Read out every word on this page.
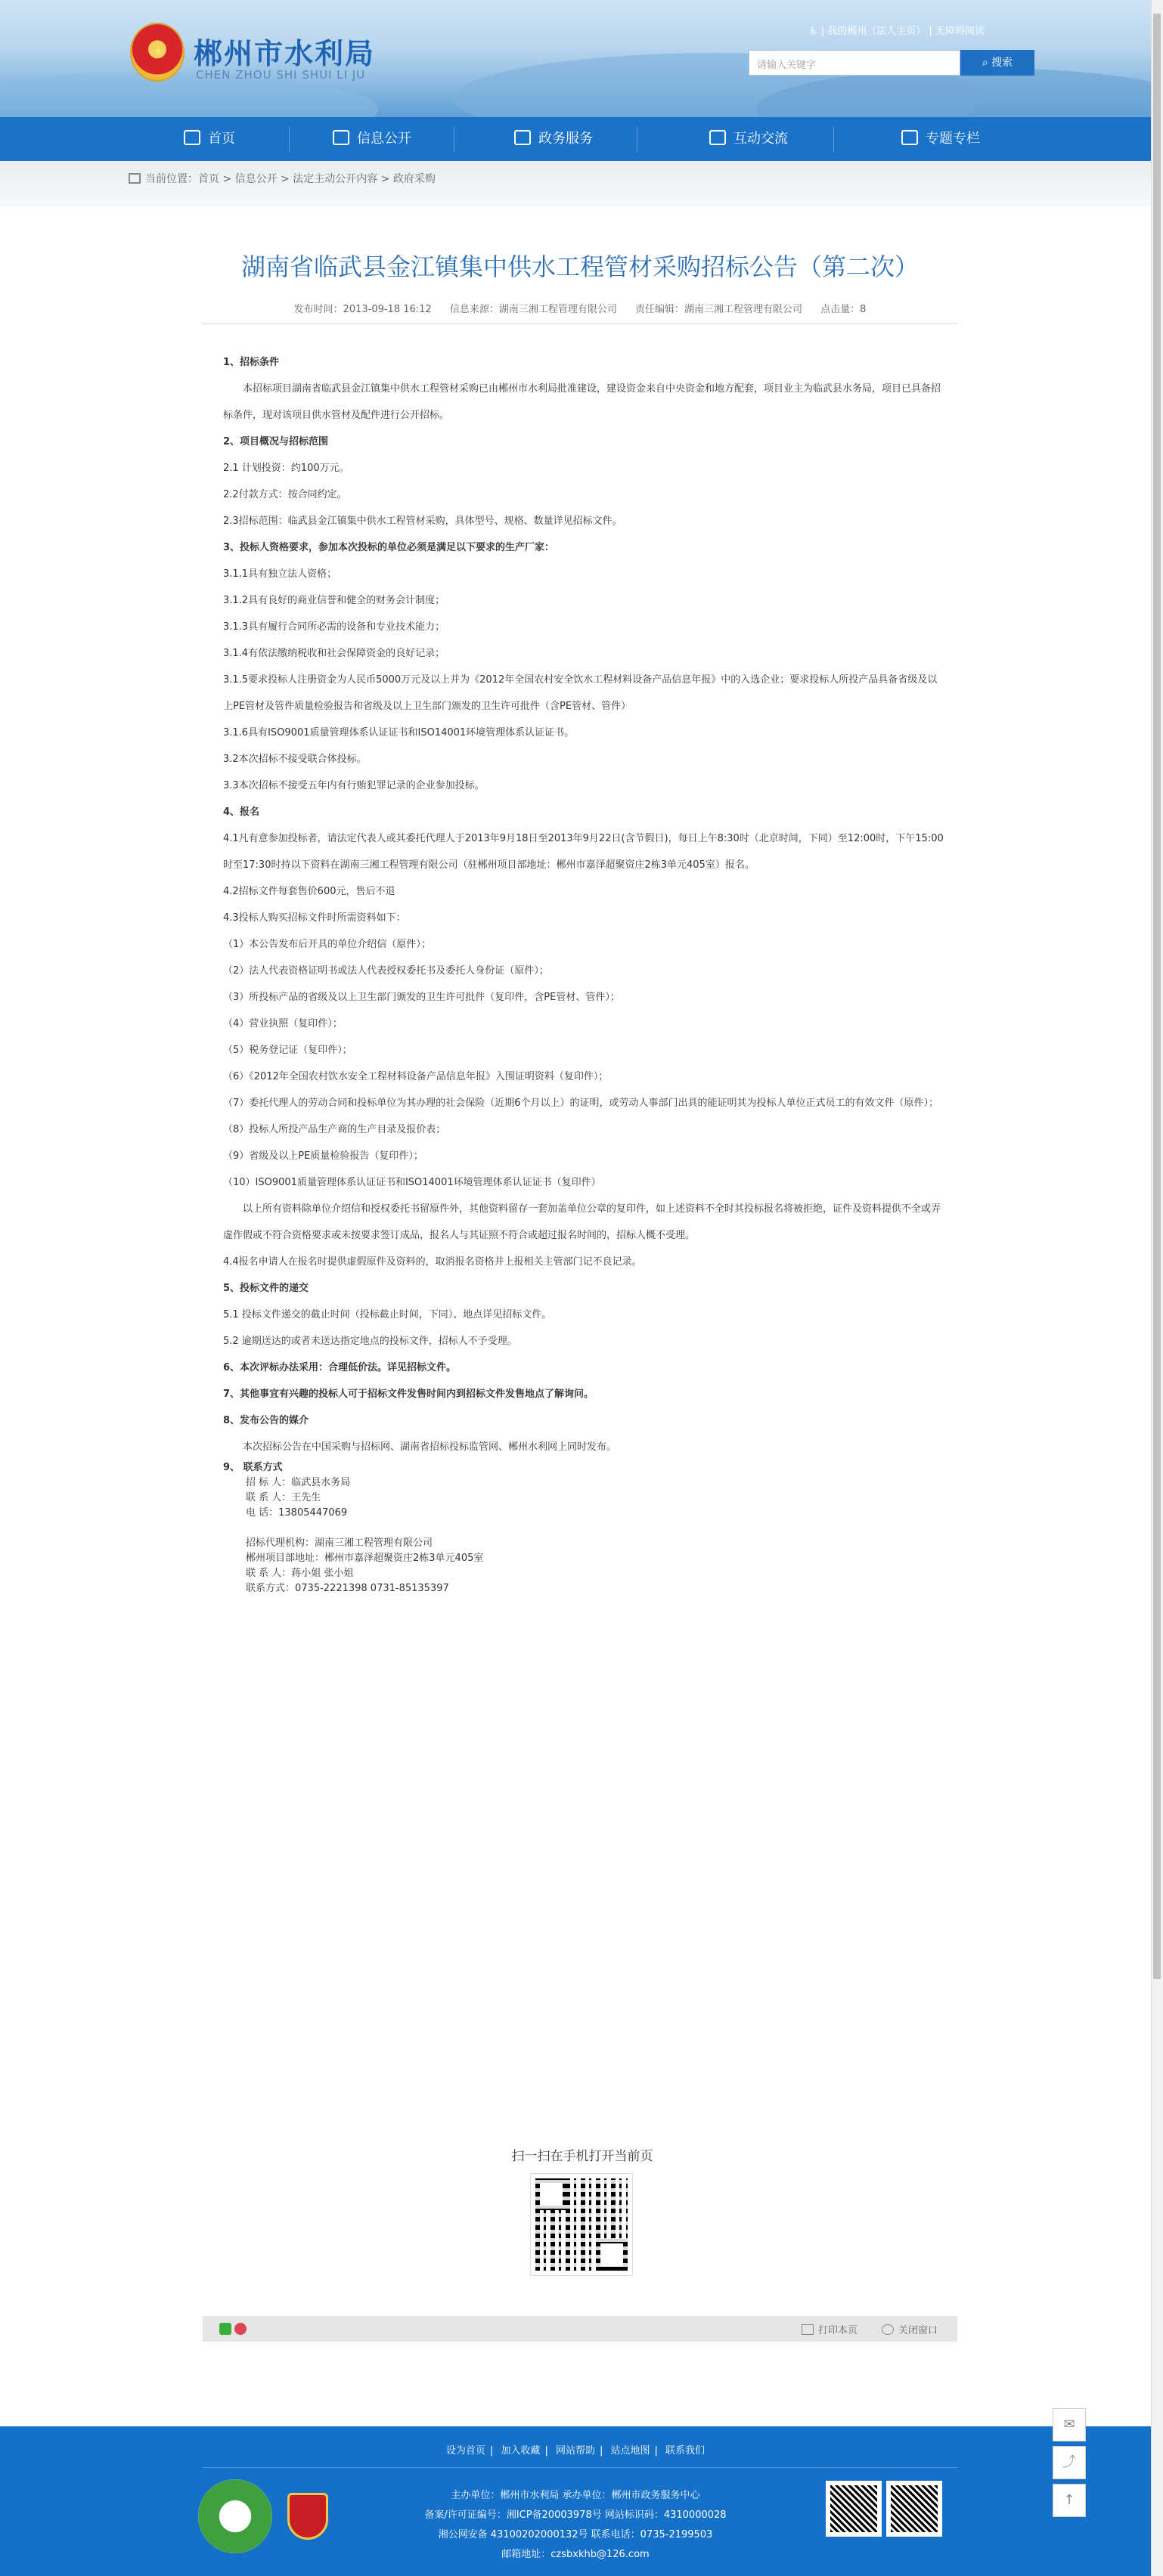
★ 郴州市水利局
CHEN ZHOU SHI SHUI LI JU
♿ | 我的郴州（法人主页） | 无障碍阅读
请输入关键字	⌕ 搜索
首页	信息公开	政务服务	互动交流	专题专栏
当前位置：首页 > 信息公开 > 法定主动公开内容 > 政府采购
湖南省临武县金江镇集中供水工程管材采购招标公告（第二次）
发布时间：2013-09-18 16:12 信息来源：湖南三湘工程管理有限公司 责任编辑：湖南三湘工程管理有限公司 点击量：8

1、招标条件

本招标项目湖南省临武县金江镇集中供水工程管材采购已由郴州市水利局批准建设，建设资金来自中央资金和地方配套，项目业主为临武县水务局，项目已具备招标条件，现对该项目供水管材及配件进行公开招标。

2、项目概况与招标范围

2.1 计划投资：约100万元。

2.2付款方式：按合同约定。

2.3招标范围：临武县金江镇集中供水工程管材采购，具体型号、规格、数量详见招标文件。

3、投标人资格要求，参加本次投标的单位必须是满足以下要求的生产厂家：

3.1.1具有独立法人资格；

3.1.2具有良好的商业信誉和健全的财务会计制度；

3.1.3具有履行合同所必需的设备和专业技术能力；

3.1.4有依法缴纳税收和社会保障资金的良好记录；

3.1.5要求投标人注册资金为人民币5000万元及以上并为《2012年全国农村安全饮水工程材料设备产品信息年报》中的入选企业；要求投标人所投产品具备省级及以上PE管材及管件质量检验报告和省级及以上卫生部门颁发的卫生许可批件（含PE管材、管件）

3.1.6具有ISO9001质量管理体系认证证书和ISO14001环境管理体系认证证书。

3.2本次招标不接受联合体投标。

3.3本次招标不接受五年内有行贿犯罪记录的企业参加投标。

4、报名

4.1凡有意参加投标者，请法定代表人或其委托代理人于2013年9月18日至2013年9月22日(含节假日)，每日上午8:30时（北京时间，下同）至12:00时，下午15:00时至17:30时持以下资料在湖南三湘工程管理有限公司（驻郴州项目部地址：郴州市嘉泽超聚资庄2栋3单元405室）报名。

4.2招标文件每套售价600元，售后不退

4.3投标人购买招标文件时所需资料如下：

（1）本公告发布后开具的单位介绍信（原件）；

（2）法人代表资格证明书或法人代表授权委托书及委托人身份证（原件）；

（3）所投标产品的省级及以上卫生部门颁发的卫生许可批件（复印件，含PE管材、管件）；

（4）营业执照（复印件）；

（5）税务登记证（复印件）；

（6）《2012年全国农村饮水安全工程材料设备产品信息年报》入围证明资料（复印件）；

（7）委托代理人的劳动合同和投标单位为其办理的社会保险（近期6个月以上）的证明，或劳动人事部门出具的能证明其为投标人单位正式员工的有效文件（原件）；

（8）投标人所投产品生产商的生产目录及报价表；

（9）省级及以上PE质量检验报告（复印件）；

（10）ISO9001质量管理体系认证证书和ISO14001环境管理体系认证证书（复印件）

以上所有资料除单位介绍信和授权委托书留原件外，其他资料留存一套加盖单位公章的复印件，如上述资料不全时其投标报名将被拒绝，证件及资料提供不全或弄虚作假或不符合资格要求或未按要求签订成品，报名人与其证照不符合或超过报名时间的，招标人概不受理。

4.4报名申请人在报名时提供虚假原件及资料的，取消报名资格并上报相关主管部门记不良记录。

5、投标文件的递交

5.1 投标文件递交的截止时间（投标截止时间，下同）、地点详见招标文件。

5.2 逾期送达的或者未送达指定地点的投标文件，招标人不予受理。

6、本次评标办法采用：合理低价法。详见招标文件。

7、其他事宜有兴趣的投标人可于招标文件发售时间内到招标文件发售地点了解询问。

8、发布公告的媒介

本次招标公告在中国采购与招标网、湖南省招标投标监管网、郴州水利网上同时发布。

9、 联系方式
招 标 人：临武县水务局
联 系 人：王先生
电 话：13805447069
招标代理机构：湖南三湘工程管理有限公司
郴州项目部地址：郴州市嘉泽超聚资庄2栋3单元405室
联 系 人：蒋小姐 张小姐
联系方式：0735-2221398 0731-85135397
扫一扫在手机打开当前页
打印本页	关闭窗口
设为首页 | 加入收藏 | 网站帮助 | 站点地图 | 联系我们
主办单位：郴州市水利局 承办单位：郴州市政务服务中心
备案/许可证编号：湘ICP备20003978号 网站标识码：4310000028
湘公网安备 43100202000132号 联系电话：0735-2199503
邮箱地址：czsbxkhb@126.com
✉
⤴
↑
